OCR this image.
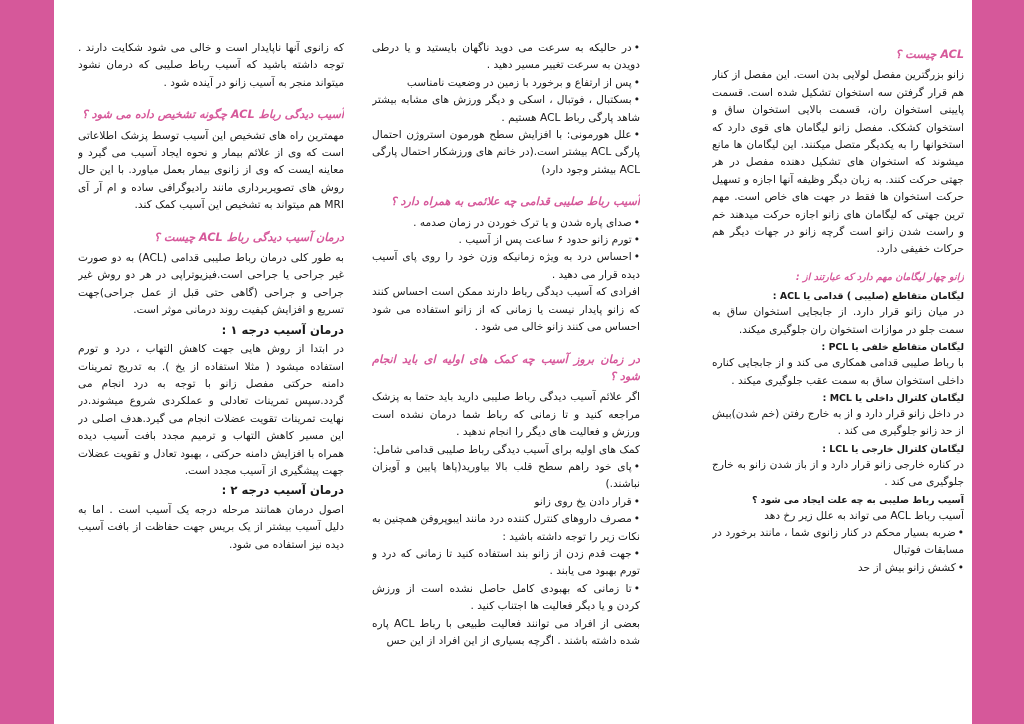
ACL چیست ؟

زانو بزرگترین مفصل لولایی بدن است. این مفصل از کنار هم قرار گرفتن سه استخوان تشکیل شده است. قسمت پایینی استخوان ران، قسمت بالایی استخوان ساق و استخوان کشکک. مفصل زانو لیگامان های قوی دارد که استخوانها را به یکدیگر متصل میکنند. این لیگامان ها مانع میشوند که استخوان های تشکیل دهنده مفصل در هر جهتی حرکت کنند. به زبان دیگر وظیفه آنها اجازه و تسهیل حرکت استخوان ها فقط در جهت های خاص است. مهم ترین جهتی که لیگامان های زانو اجازه حرکت میدهند خم و راست شدن زانو است گرچه زانو در جهات دیگر هم حرکات خفیفی دارد.

زانو چهار لیگامان مهم دارد که عبارتند از :
لیگامان متقاطع (صلیبی ) قدامی یا ACL :

در میان زانو قرار دارد. از جابجایی استخوان ساق به سمت جلو در موازات استخوان ران جلوگیری میکند.

لیگامان متقاطع خلفی یا PCL :

با رباط صلیبی قدامی همکاری می کند و از جابجایی کناره داخلی استخوان ساق به سمت عقب جلوگیری میکند .

لیگامان کلترال داخلی یا MCL :

در داخل زانو قرار دارد و از به خارج رفتن (خم شدن)بیش از حد زانو جلوگیری می کند .

لیگامان کلترال خارجی یا LCL :

در کناره خارجی زانو قرار دارد و از باز شدن زانو به خارج جلوگیری می کند .

آسیب رباط صلیبی به چه علت ایجاد می شود ؟

آسیب رباط ACL می تواند به علل زیر رخ دهد

• ضربه بسیار محکم در کنار زانوی شما ، مانند برخورد در مسابقات فوتبال
• کشش زانو بیش از حد
• در حالیکه به سرعت می دوید ناگهان بایستید و یا درطی دویدن به سرعت تغییر مسیر دهید .
• پس از ارتفاع و برخورد با زمین در وضعیت نامناسب
• بسکتبال ، فوتبال ، اسکی و دیگر ورزش های مشابه بیشتر شاهد پارگی رباط ACL هستیم .
• علل هورمونی: با افزایش سطح هورمون استروژن احتمال پارگی ACL بیشتر است.(در خانم های ورزشکار احتمال پارگی ACL بیشتر وجود دارد)
آسیب رباط صلیبی قدامی چه علائمی به همراه دارد ؟
• صدای پاره شدن و یا ترک خوردن در زمان صدمه .
• تورم زانو حدود ۶ ساعت پس از آسیب .
• احساس درد به ویژه زمانیکه وزن خود را روی پای آسیب دیده قرار می دهید .

افرادی که آسیب دیدگی رباط دارند ممکن است احساس کنند که زانو پایدار نیست یا زمانی که از زانو استفاده می شود احساس می کنند زانو خالی می شود .

در زمان بروز آسیب چه کمک های اولیه ای باید انجام شود ؟

اگر علائم آسیب دیدگی رباط صلیبی دارید باید حتما به پزشک مراجعه کنید و تا زمانی که رباط شما درمان نشده است ورزش و فعالیت های دیگر را انجام ندهید .

کمک های اولیه برای آسیب دیدگی رباط صلیبی قدامی شامل:

• پای خود راهم سطح قلب بالا بیاورید(پاها پایین و آویزان نباشند.)
• قرار دادن یخ روی زانو
• مصرف داروهای کنترل کننده درد مانند ایبوپروفن همچنین به نکات زیر را توجه داشته باشید :
• جهت قدم زدن از زانو بند استفاده کنید تا زمانی که درد و تورم بهبود می یابند .
• تا زمانی که بهبودی کامل حاصل نشده است از ورزش کردن و یا دیگر فعالیت ها اجتناب کنید .

بعضی از افراد می توانند فعالیت طبیعی با رباط ACL پاره شده داشته باشند . اگرچه بسیاری از این افراد از این حس

که زانوی آنها ناپایدار است و خالی می شود شکایت دارند . توجه داشته باشید که آسیب رباط صلیبی که درمان نشود میتواند منجر به آسیب زانو در آینده شود .

آسیب دیدگی رباط ACL چگونه تشخیص داده می شود ؟

مهمترین راه های تشخیص این آسیب توسط پزشک اطلاعاتی است که وی از علائم بیمار و نحوه ایجاد آسیب می گیرد و معاینه ایست که وی از زانوی بیمار بعمل میاورد. با این حال روش های تصویربرداری مانند رادیوگرافی ساده و ام آر آی MRI هم میتواند به تشخیص این آسیب کمک کند.

درمان آسیب دیدگی رباط ACL چیست ؟

به طور کلی درمان رباط صلیبی قدامی (ACL) به دو صورت غیر جراحی یا جراحی است.فیزیوتراپی در هر دو روش غیر جراحی و جراحی (گاهی حتی قبل از عمل جراحی)جهت تسریع و افزایش کیفیت روند درمانی موثر است.

درمان آسیب درجه ۱ :

در ابتدا از روش هایی جهت کاهش التهاب ، درد و تورم استفاده میشود ( مثلا استفاده از یخ ). به تدریج تمرینات دامنه حرکتی مفصل زانو با توجه به درد انجام می گردد.سپس تمرینات تعادلی و عملکردی شروع میشوند.در نهایت تمرینات تقویت عضلات انجام می گیرد.هدف اصلی در این مسیر کاهش التهاب و ترمیم مجدد بافت آسیب دیده همراه با افزایش دامنه حرکتی ، بهبود تعادل و تقویت عضلات جهت پیشگیری از آسیب مجدد است.

درمان آسیب درجه ۲ :

اصول درمان همانند مرحله درجه یک آسیب است . اما به دلیل آسیب بیشتر از یک بریس جهت حفاظت از بافت آسیب دیده نیز استفاده می شود.
